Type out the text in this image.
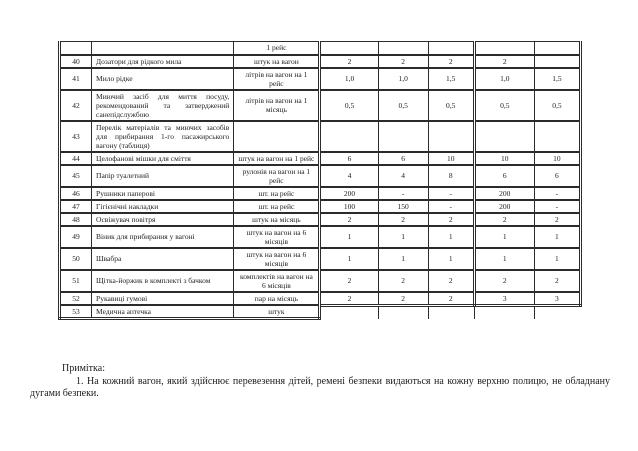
		1 рейс					
40	Дозатори для рідкого мила	штук на вагон	2	2	2	2	
41	Мило рідке	літрів на вагон на 1 рейс	1,0	1,0	1,5	1,0	1,5
42	Миючий засіб для миття посуду, рекомендований та затверджений санепідслужбою	літрів на вагон на 1 місяць	0,5	0,5	0,5	0,5	0,5
43	Перелік матеріалів та миючих засобів для прибирання 1-го пасажирського вагону (таблиця)						
44	Целофанові мішки для сміття	штук на вагон на 1 рейс	6	6	10	10	10
45	Папір туалетний	рулонів на вагон на 1 рейс	4	4	8	6	6
46	Рушники паперові	шт. на рейс	200	-	-	200	-
47	Гігієнічні накладки	шт. на рейс	100	150	-	200	-
48	Освіжувач повітря	штук на місяць	2	2	2	2	2
49	Віник для прибирання у вагоні	штук на вагон на 6 місяців	1	1	1	1	1
50	Швабра	штук на вагон на 6 місяців	1	1	1	1	1
51	Щітка-йоржик в комплекті з бачком	комплектів на вагон на 6 місяців	2	2	2	2	2
52	Рукавиці гумові	пар на місяць	2	2	2	3	3
53	Медична аптечка	штук					
Примітка:

1. На кожний вагон, який здійснює перевезення дітей, ремені безпеки видаються на кожну верхню полицю, не обладнану дугами безпеки.
